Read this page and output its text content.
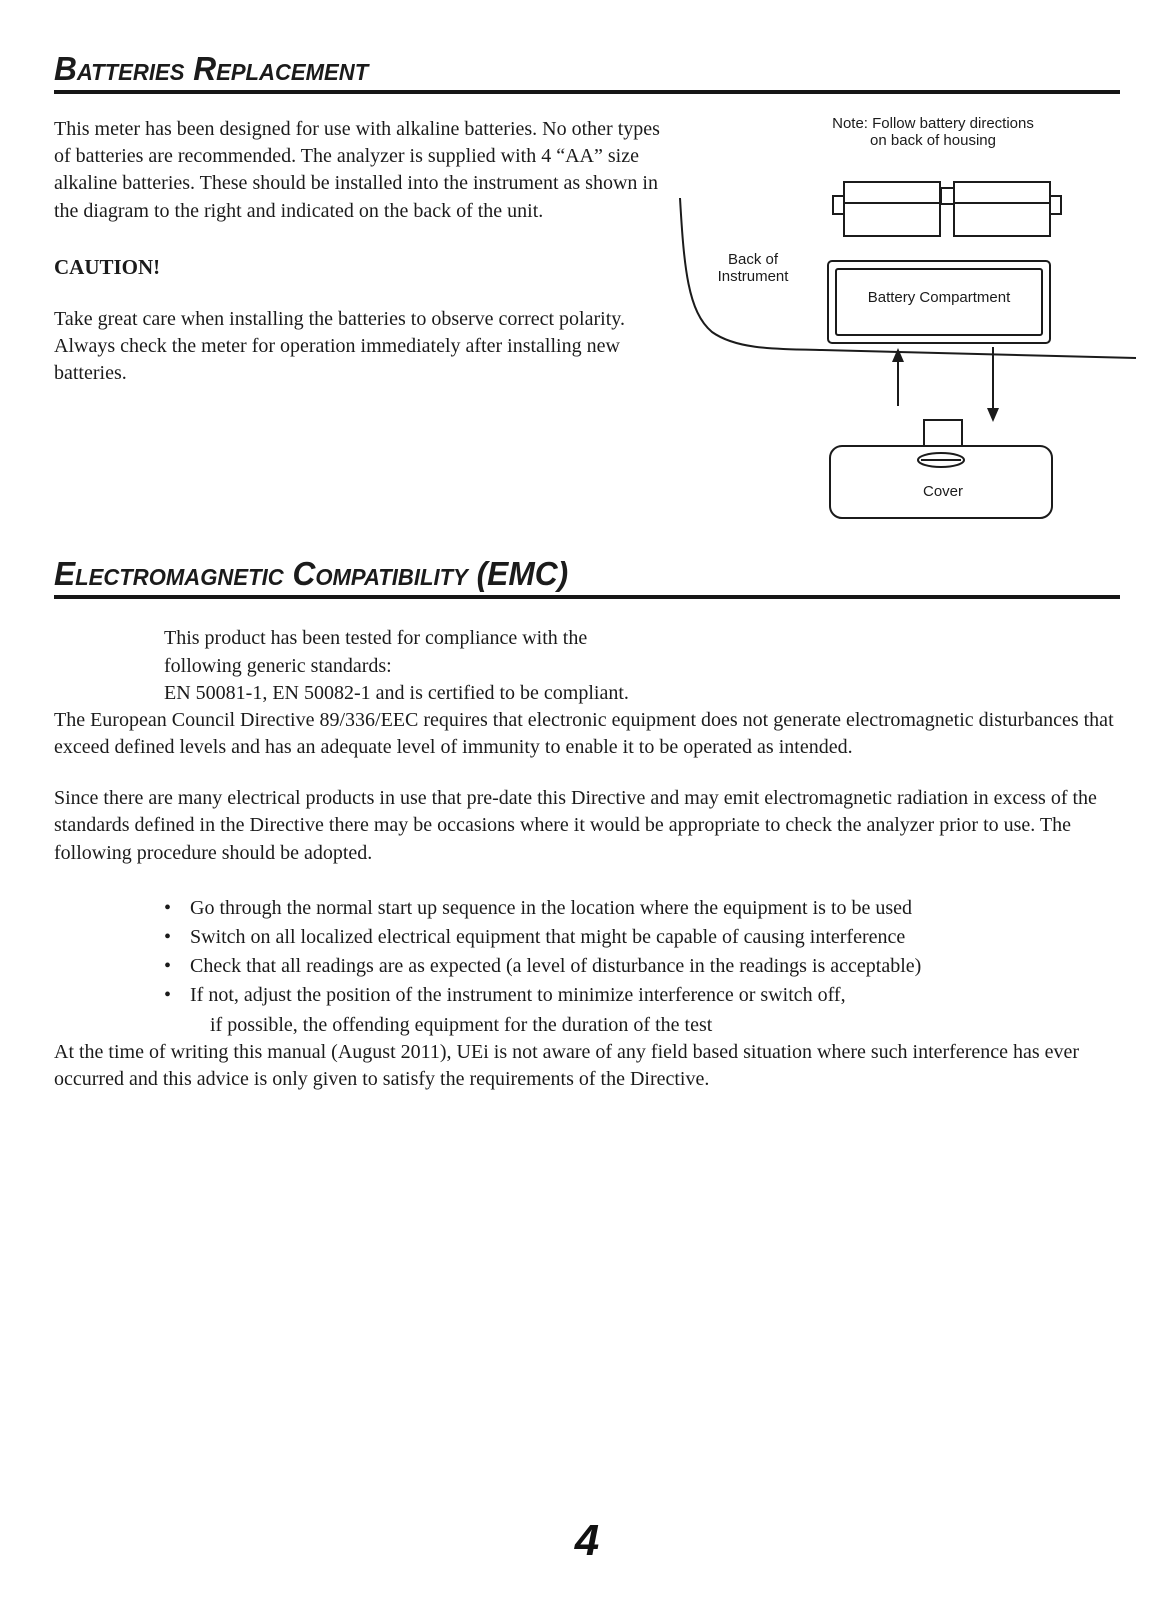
Batteries Replacement

This meter has been designed for use with alkaline batteries. No other types of batteries are recommended. The analyzer is supplied with 4 “AA” size alkaline batteries. These should be installed into the instrument as shown in the diagram to the right and indicated on the back of the unit.

CAUTION!

Take great care when installing the batteries to observe correct polarity. Always check the meter for operation immediately after installing new batteries.

Electromagnetic Compatibility (EMC)
This product has been tested for compliance with the following generic standards:
EN 50081-1, EN 50082-1 and is certified to be compliant.

The European Council Directive 89/336/EEC requires that electronic equipment does not generate electromagnetic disturbances that exceed defined levels and has an adequate level of immunity to enable it to be operated as intended.

Since there are many electrical products in use that pre-date this Directive and may emit electromagnetic radiation in excess of the standards defined in the Directive there may be occasions where it would be appropriate to check the analyzer prior to use. The following procedure should be adopted.

• Go through the normal start up sequence in the location where the equipment is to be used
• Switch on all localized electrical equipment that might be capable of causing interference
• Check that all readings are as expected (a level of disturbance in the readings is acceptable)
• If not, adjust the position of the instrument to minimize interference or switch off,
if possible, the offending equipment for the duration of the test

At the time of writing this manual (August 2011), UEi is not aware of any field based situation where such interference has ever occurred and this advice is only given to satisfy the requirements of the Directive.

Note: Follow battery directions
on back of housing
Back of
Instrument
Battery Compartment
Cover
4
